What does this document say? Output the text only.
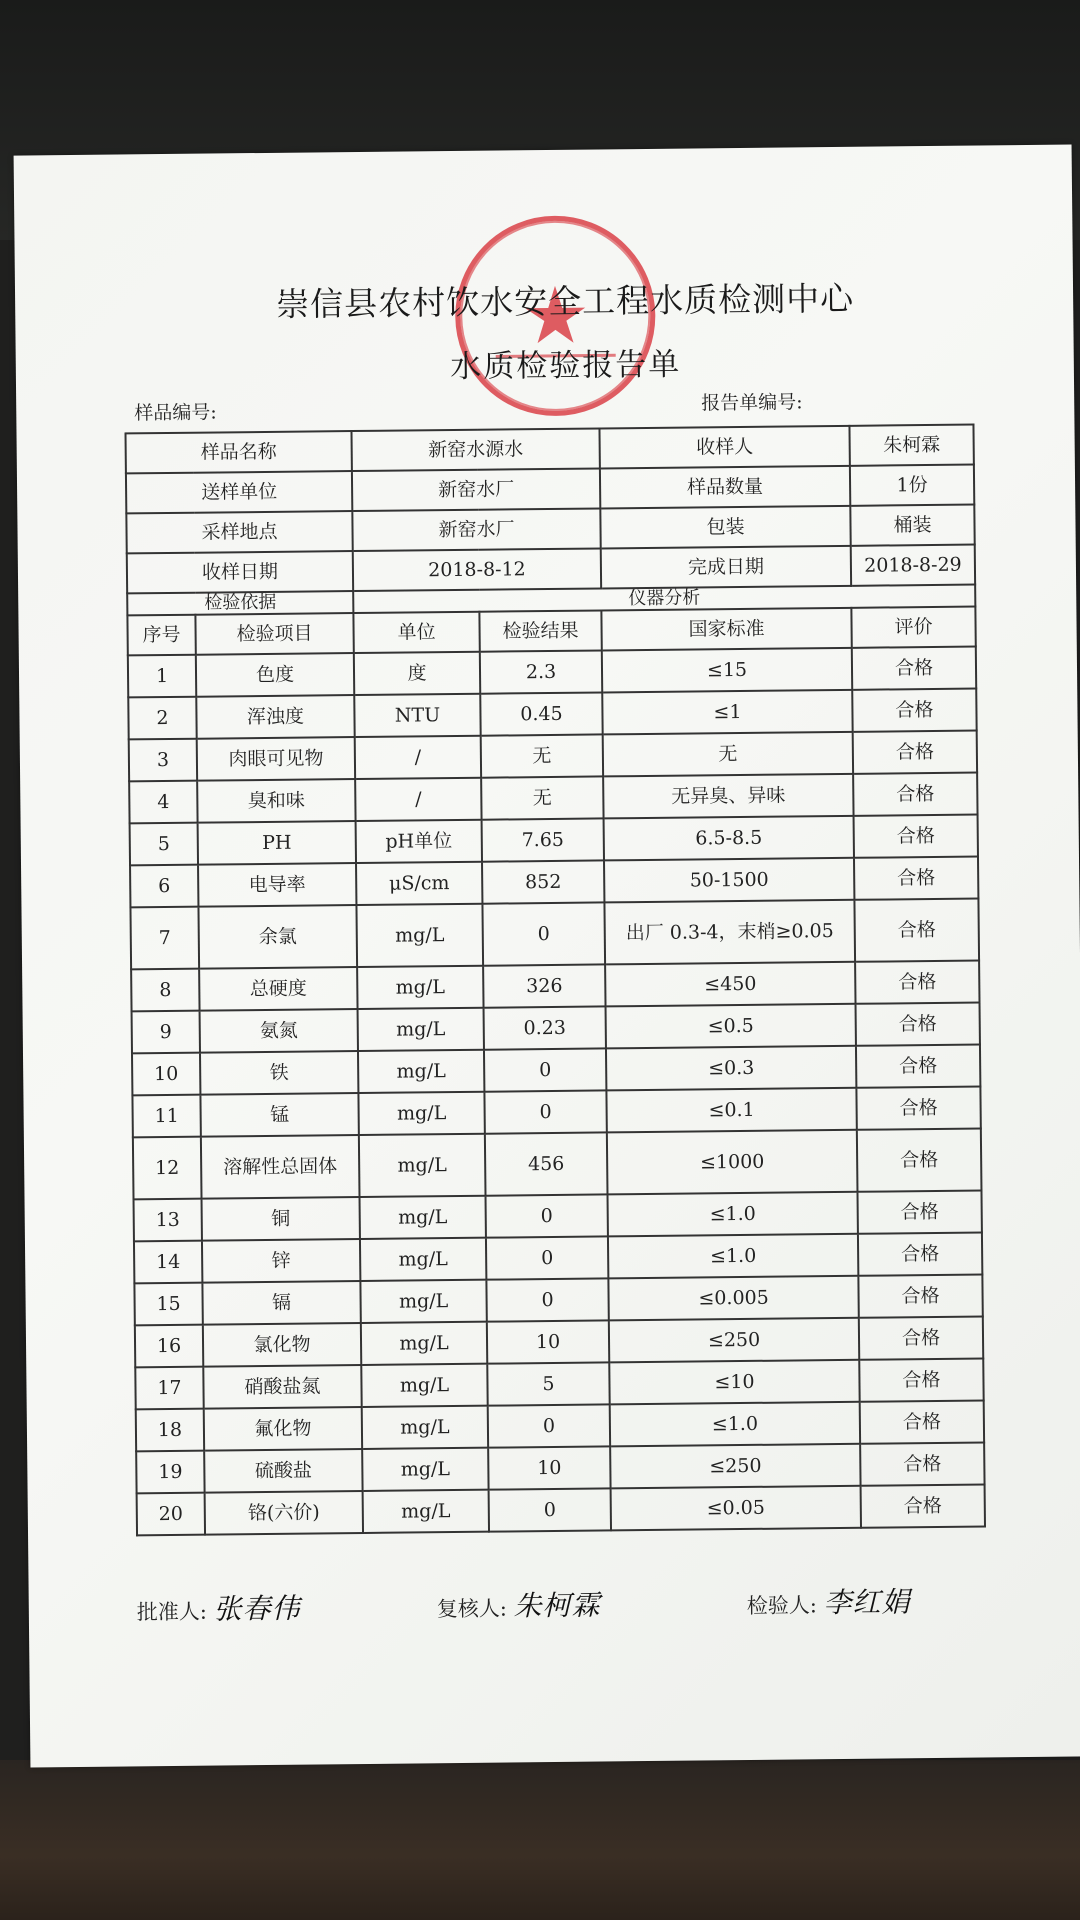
崇信县农村饮水安全工程水质检测中心
水质检验报告单
样品编号:	报告单编号:
样品名称		新窑水源水		收样人	朱柯霖
送样单位		新窑水厂		样品数量	1份
采样地点		新窑水厂		包装	桶装
收样日期		2018-8-12		完成日期	2018-8-29
检验依据		仪器分析			
序号	检验项目	单位	检验结果	国家标准	评价
1	色度	度	2.3	≤15	合格
2	浑浊度	NTU	0.45	≤1	合格
3	肉眼可见物	/	无	无	合格
4	臭和味	/	无	无异臭、异味	合格
5	PH	pH单位	7.65	6.5-8.5	合格
6	电导率	μS/cm	852	50-1500	合格
7	余氯	mg/L	0	出厂 0.3-4，末梢≥0.05	合格
8	总硬度	mg/L	326	≤450	合格
9	氨氮	mg/L	0.23	≤0.5	合格
10	铁	mg/L	0	≤0.3	合格
11	锰	mg/L	0	≤0.1	合格
12	溶解性总固体	mg/L	456	≤1000	合格
13	铜	mg/L	0	≤1.0	合格
14	锌	mg/L	0	≤1.0	合格
15	镉	mg/L	0	≤0.005	合格
16	氯化物	mg/L	10	≤250	合格
17	硝酸盐氮	mg/L	5	≤10	合格
18	氟化物	mg/L	0	≤1.0	合格
19	硫酸盐	mg/L	10	≤250	合格
20	铬(六价)	mg/L	0	≤0.05	合格
批准人: 张春伟	复核人: 朱柯霖	检验人: 李红娟
